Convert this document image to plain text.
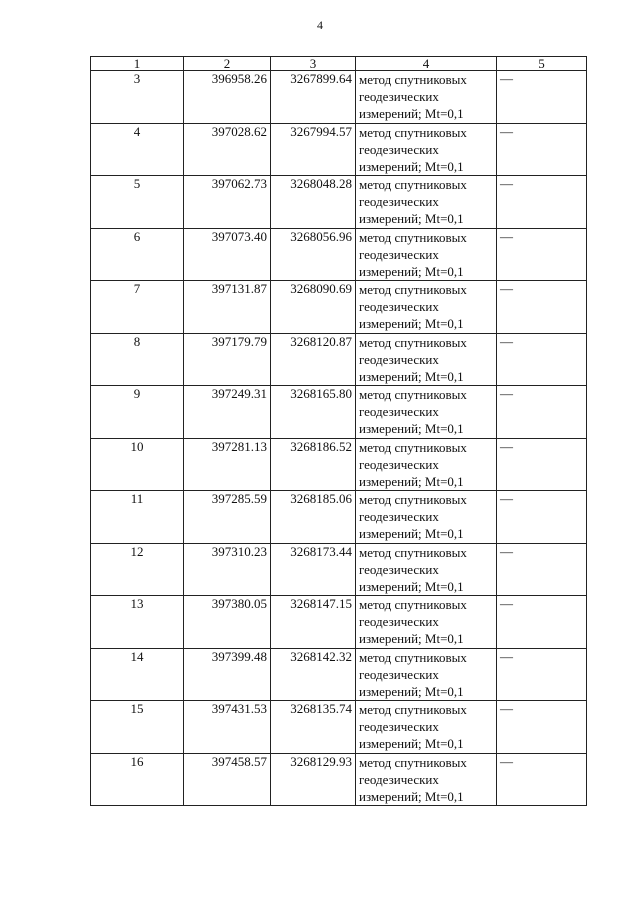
4
1	2	3	4	5
3	396958.26	3267899.64	метод спутниковых
геодезических
измерений; Mt=0,1	—
4	397028.62	3267994.57	метод спутниковых
геодезических
измерений; Mt=0,1	—
5	397062.73	3268048.28	метод спутниковых
геодезических
измерений; Mt=0,1	—
6	397073.40	3268056.96	метод спутниковых
геодезических
измерений; Mt=0,1	—
7	397131.87	3268090.69	метод спутниковых
геодезических
измерений; Mt=0,1	—
8	397179.79	3268120.87	метод спутниковых
геодезических
измерений; Mt=0,1	—
9	397249.31	3268165.80	метод спутниковых
геодезических
измерений; Mt=0,1	—
10	397281.13	3268186.52	метод спутниковых
геодезических
измерений; Mt=0,1	—
11	397285.59	3268185.06	метод спутниковых
геодезических
измерений; Mt=0,1	—
12	397310.23	3268173.44	метод спутниковых
геодезических
измерений; Mt=0,1	—
13	397380.05	3268147.15	метод спутниковых
геодезических
измерений; Mt=0,1	—
14	397399.48	3268142.32	метод спутниковых
геодезических
измерений; Mt=0,1	—
15	397431.53	3268135.74	метод спутниковых
геодезических
измерений; Mt=0,1	—
16	397458.57	3268129.93	метод спутниковых
геодезических
измерений; Mt=0,1	—
